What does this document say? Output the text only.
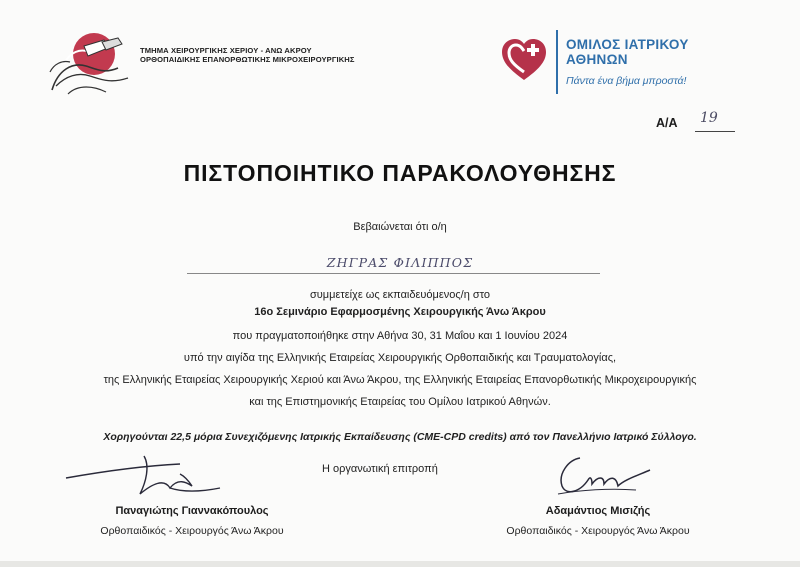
ΤΜΗΜΑ ΧΕΙΡΟΥΡΓΙΚΗΣ ΧΕΡΙΟΥ - ΑΝΩ ΑΚΡΟΥ ΟΡΘΟΠΑΙΔΙΚΗΣ ΕΠΑΝΟΡΘΩΤΙΚΗΣ ΜΙΚΡΟΧΕΙΡΟΥΡΓΙΚΗΣ
ΟΜΙΛΟΣ ΙΑΤΡΙΚΟΥ ΑΘΗΝΩΝ
Πάντα ένα βήμα μπροστά!
Α/Α 19
ΠΙΣΤΟΠΟΙΗΤΙΚΟ ΠΑΡΑΚΟΛΟΥΘΗΣΗΣ
Βεβαιώνεται ότι ο/η
ΖΗΓΡΑΣ ΦΙΛΙΠΠΟΣ
συμμετείχε ως εκπαιδευόμενος/η στο
16ο Σεμινάριο Εφαρμοσμένης Χειρουργικής Άνω Άκρου
που πραγματοποιήθηκε στην Αθήνα 30, 31 Μαΐου και 1 Ιουνίου 2024
υπό την αιγίδα της Ελληνικής Εταιρείας Χειρουργικής Ορθοπαιδικής και Τραυματολογίας,
της Ελληνικής Εταιρείας Χειρουργικής Χεριού και Άνω Άκρου, της Ελληνικής Εταιρείας Επανορθωτικής Μικροχειρουργικής
και της Επιστημονικής Εταιρείας του Ομίλου Ιατρικού Αθηνών.
Χορηγούνται 22,5 μόρια Συνεχιζόμενης Ιατρικής Εκπαίδευσης (CME-CPD credits) από τον Πανελλήνιο Ιατρικό Σύλλογο.
Η οργανωτική επιτροπή
Παναγιώτης Γιαννακόπουλος
Ορθοπαιδικός - Χειρουργός Άνω Άκρου
Αδαμάντιος Μισιζής
Ορθοπαιδικός - Χειρουργός Άνω Άκρου
